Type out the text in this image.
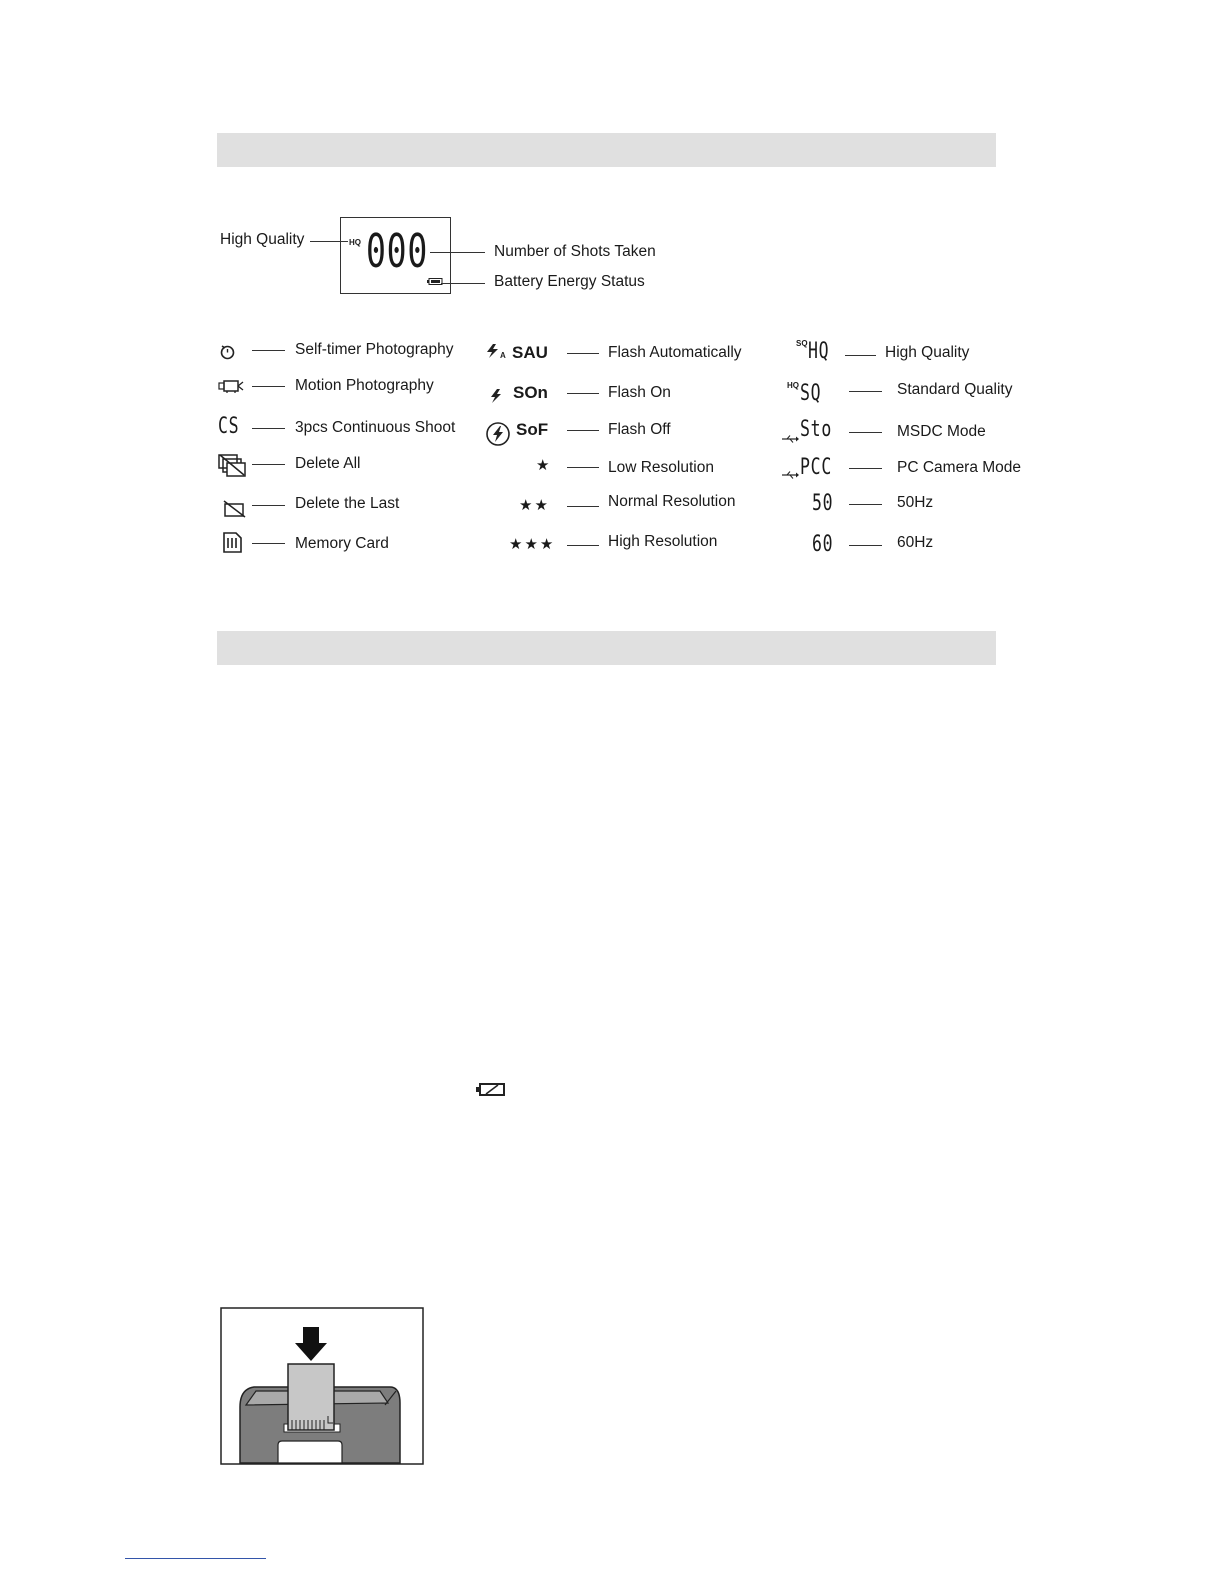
High Quality	HQ 000	Number of Shots Taken
Battery Energy Status
Self-timer Photography
Motion Photography
CS	3pcs Continuous Shoot
Delete All
Delete the Last
Memory Card
A SAU	Flash Automatically
SOn	Flash On
SoF	Flash Off
★	Low Resolution
★★	Normal Resolution
★★★	High Resolution
SQ HQ	High Quality
HQ SQ	Standard Quality
Sto	MSDC Mode
PCC	PC Camera Mode
50	50Hz
60	60Hz
